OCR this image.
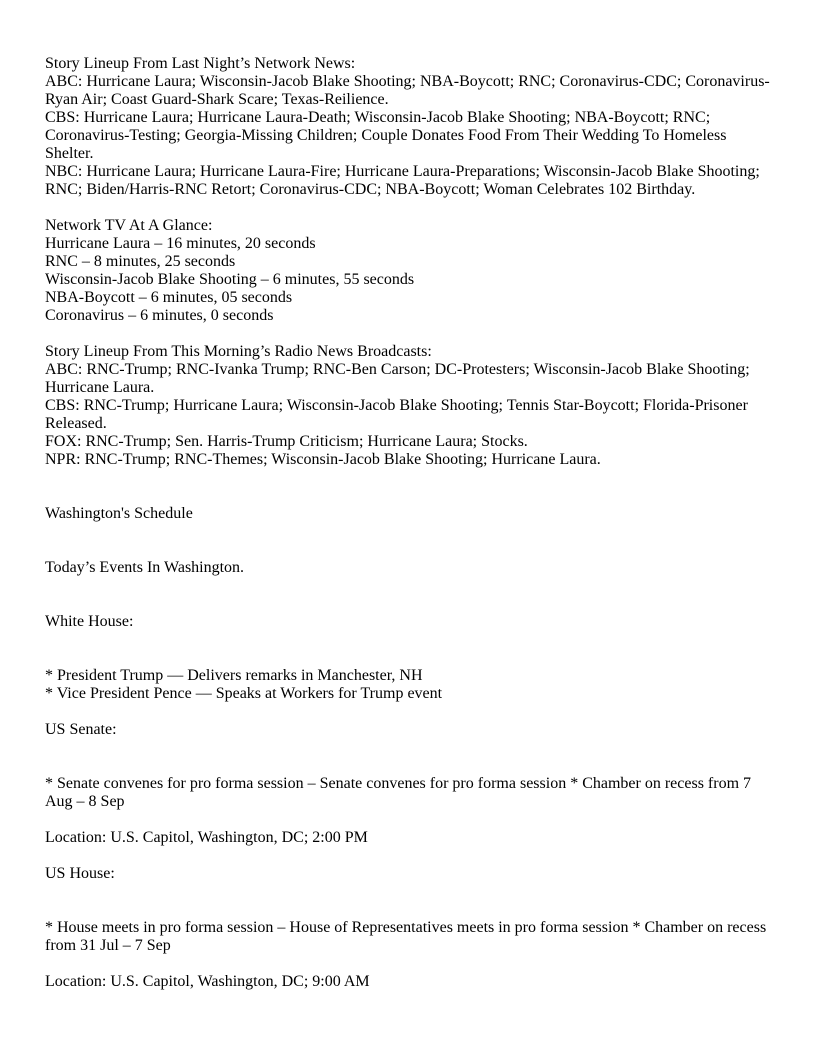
Story Lineup From Last Night’s Network News:

ABC: Hurricane Laura; Wisconsin-Jacob Blake Shooting; NBA-Boycott; RNC; Coronavirus-CDC; Coronavirus-Ryan Air; Coast Guard-Shark Scare; Texas-Reilience.

CBS: Hurricane Laura; Hurricane Laura-Death; Wisconsin-Jacob Blake Shooting; NBA-Boycott; RNC; Coronavirus-Testing; Georgia-Missing Children; Couple Donates Food From Their Wedding To Homeless Shelter.

NBC: Hurricane Laura; Hurricane Laura-Fire; Hurricane Laura-Preparations; Wisconsin-Jacob Blake Shooting; RNC; Biden/Harris-RNC Retort; Coronavirus-CDC; NBA-Boycott; Woman Celebrates 102 Birthday.

Network TV At A Glance:

Hurricane Laura – 16 minutes, 20 seconds

RNC – 8 minutes, 25 seconds

Wisconsin-Jacob Blake Shooting – 6 minutes, 55 seconds

NBA-Boycott – 6 minutes, 05 seconds

Coronavirus – 6 minutes, 0 seconds

Story Lineup From This Morning’s Radio News Broadcasts:

ABC: RNC-Trump; RNC-Ivanka Trump; RNC-Ben Carson; DC-Protesters; Wisconsin-Jacob Blake Shooting; Hurricane Laura.

CBS: RNC-Trump; Hurricane Laura; Wisconsin-Jacob Blake Shooting; Tennis Star-Boycott; Florida-Prisoner Released.

FOX: RNC-Trump; Sen. Harris-Trump Criticism; Hurricane Laura; Stocks.

NPR: RNC-Trump; RNC-Themes; Wisconsin-Jacob Blake Shooting; Hurricane Laura.

Washington's Schedule

Today’s Events In Washington.

White House:

* President Trump — Delivers remarks in Manchester, NH

* Vice President Pence — Speaks at Workers for Trump event

US Senate:

* Senate convenes for pro forma session – Senate convenes for pro forma session * Chamber on recess from 7 Aug – 8 Sep

Location: U.S. Capitol, Washington, DC; 2:00 PM

US House:

* House meets in pro forma session – House of Representatives meets in pro forma session * Chamber on recess from 31 Jul – 7 Sep

Location: U.S. Capitol, Washington, DC; 9:00 AM
